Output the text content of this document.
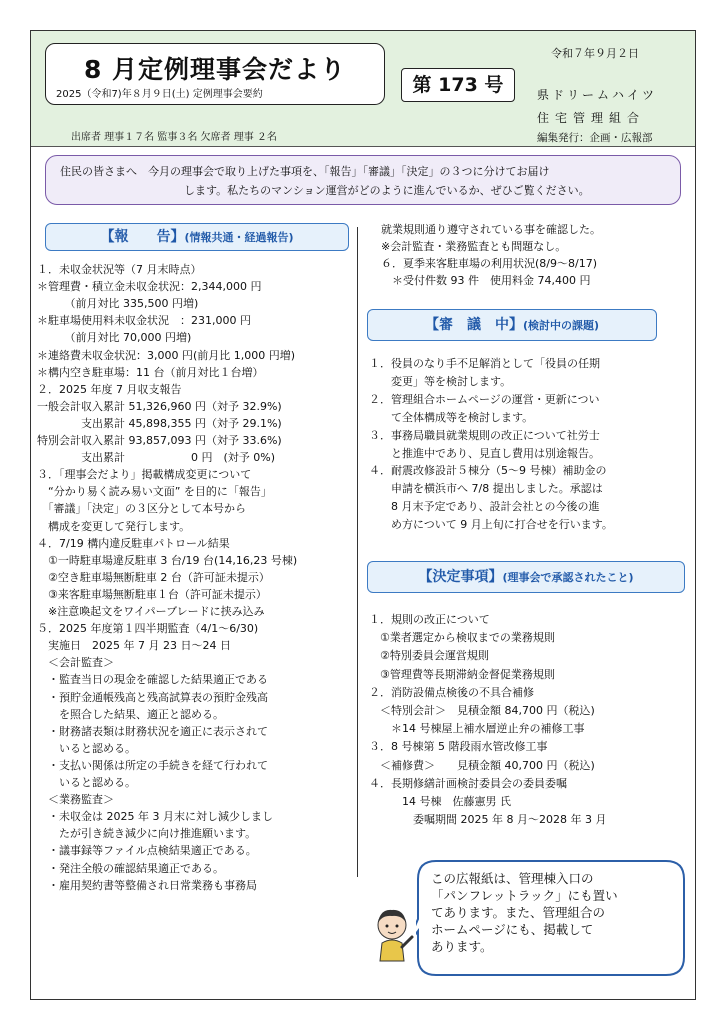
8 月定例理事会だより
2025（令和7)年８月９日(土) 定例理事会要約
出席者 理事１７名 監事３名 欠席者 理事 ２名
第 173 号
令和７年９月２日
県ドリームハイツ
住宅管理組合
編集発行：企画・広報部
住民の皆さまへ　今月の理事会で取り上げた事項を、「報告」「審議」「決定」の３つに分けてお届け
します。私たちのマンション運営がどのように進んでいるか、ぜひご覧ください。
【報　　告】(情報共通・経過報告)
１．未収金状況等（7 月末時点）
＊管理費・積立金未収金状況：2,344,000 円
　　　（前月対比 335,500 円増)
＊駐車場使用料未収金状況　：231,000 円
　　　（前月対比 70,000 円増)
＊連絡費未収金状況：3,000 円(前月比 1,000 円増)
＊構内空き駐車場：11 台（前月対比１台増）
２．2025 年度 7 月収支報告
一般会計収入累計 51,326,960 円（対予 32.9%)
　　　　支出累計 45,898,355 円（対予 29.1%)
特別会計収入累計 93,857,093 円（対予 33.6%)
　　　　支出累計　　　　　　0 円　(対予 0%)
３．「理事会だより」掲載構成変更について
　“分かり易く読み易い文面” を目的に「報告」
　「審議」「決定」の３区分として本号から
　構成を変更して発行します。
４．7/19 構内違反駐車パトロール結果
　①一時駐車場違反駐車 3 台/19 台(14,16,23 号棟)
　②空き駐車場無断駐車 2 台（許可証未提示）
　③来客駐車場無断駐車１台（許可証未提示）
　※注意喚起文をワイパーブレードに挟み込み
５．2025 年度第１四半期監査（4/1～6/30)
　実施日　2025 年 7 月 23 日～24 日
　＜会計監査＞
　・監査当日の現金を確認した結果適正である
　・預貯金通帳残高と残高試算表の預貯金残高
　　を照合した結果、適正と認める。
　・財務諸表類は財務状況を適正に表示されて
　　いると認める。
　・支払い関係は所定の手続きを経て行われて
　　いると認める。
　＜業務監査＞
　・未収金は 2025 年 3 月末に対し減少しまし
　　たが引き続き減少に向け推進願います。
　・議事録等ファイル点検結果適正である。
　・発注全般の確認結果適正である。
　・雇用契約書等整備され日常業務も事務局
就業規則通り遵守されている事を確認した。
※会計監査・業務監査とも問題なし。
６．夏季来客駐車場の利用状況(8/9～8/17)
　＊受付件数 93 件　使用料金 74,400 円
【審　議　中】(検討中の課題)
１．役員のなり手不足解消として「役員の任期
　　変更」等を検討します。
２．管理組合ホームページの運営・更新につい
　　て全体構成等を検討します。
３．事務局職員就業規則の改正について社労士
　　と推進中であり、見直し費用は別途報告。
４．耐震改修設計５棟分（5～9 号棟）補助金の
　　申請を横浜市へ 7/8 提出しました。承認は
　　8 月末予定であり、設計会社との今後の進
　　め方について 9 月上旬に打合せを行います。
【決定事項】(理事会で承認されたこと)
１．規則の改正について
　①業者選定から検収までの業務規則
　②特別委員会運営規則
　③管理費等長期滞納金督促業務規則
２．消防設備点検後の不具合補修
　＜特別会計＞　見積金額 84,700 円（税込)
　　＊14 号棟屋上補水層逆止弁の補修工事
３．8 号棟第 5 階段雨水管改修工事
　＜補修費＞　　見積金額 40,700 円（税込)
４．長期修繕計画検討委員会の委員委嘱
　　　14 号棟　佐藤憲男 氏
　　　　委嘱期間 2025 年 8 月～2028 年 3 月
この広報紙は、管理棟入口の
「パンフレットラック」にも置い
てあります。また、管理組合の
ホームページにも、掲載して
あります。
